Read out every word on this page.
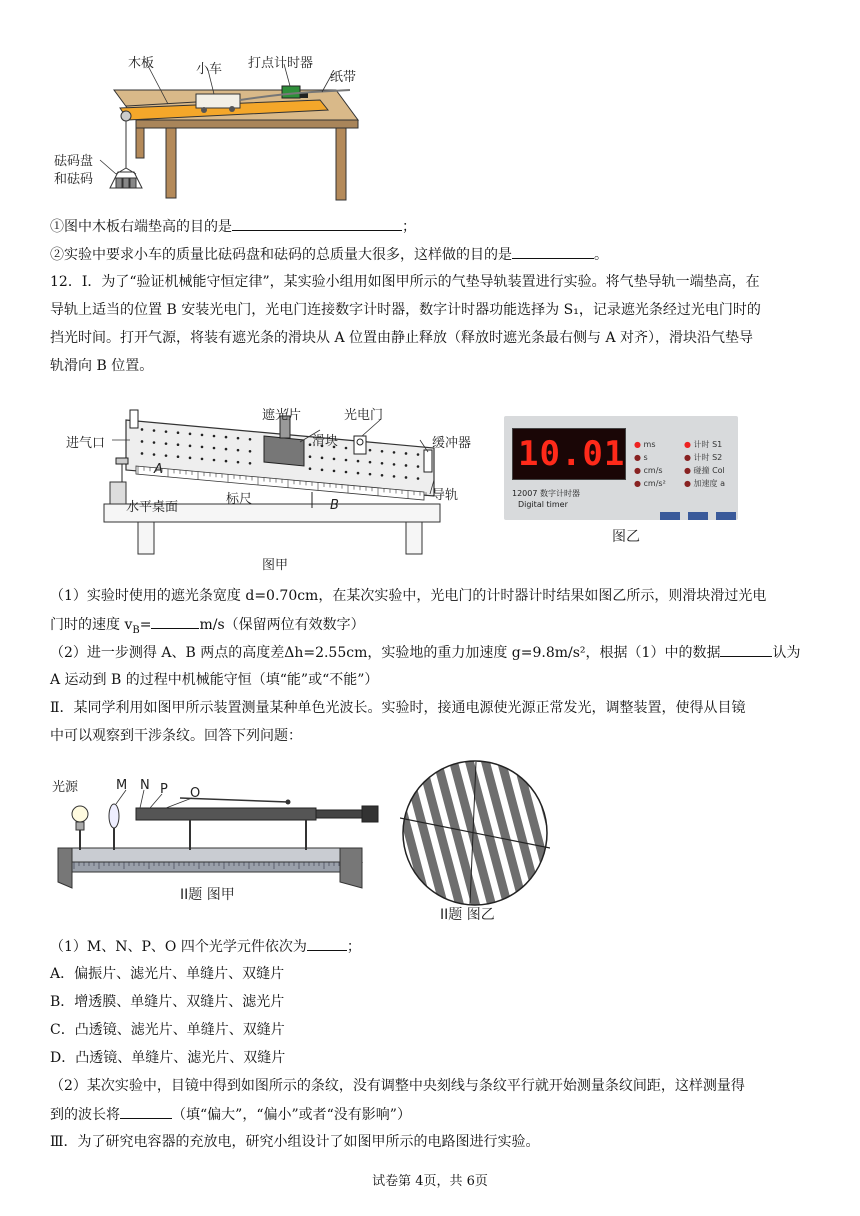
木板	小车 打点计时器
纸带
砝码盘
和砝码
①图中木板右端垫高的目的是	；
②实验中要求小车的质量比砝码盘和砝码的总质量大很多，这样做的目的是	。
12．I．为了“验证机械能守恒定律”，某实验小组用如图甲所示的气垫导轨装置进行实验。将气垫导轨一端垫高，在
导轨上适当的位置 B 安装光电门，光电门连接数字计时器，数字计时器功能选择为 S₁，记录遮光条经过光电门时的
挡光时间。打开气源，将装有遮光条的滑块从 A 位置由静止释放（释放时遮光条最右侧与 A 对齐），滑块沿气垫导
轨滑向 B 位置。
进气口
遮光片	光电门
滑块	缓冲器
导轨
水平桌面
标尺
A
B
图甲
10.01 ● ms
● s
● cm/s
● cm/s²
● 计时 S1
● 计时 S2
● 碰撞 Col
● 加速度 a
12007 数字计时器
Digital timer
图乙
（1）实验时使用的遮光条宽度 d=0.70cm，在某次实验中，光电门的计时器计时结果如图乙所示，则滑块滑过光电
门时的速度 $v_B=$	m/s（保留两位有效数字）
（2）进一步测得 A、B 两点的高度差Δh=2.55cm，实验地的重力加速度 g=9.8m/s²，根据（1）中的数据	认为
A 运动到 B 的过程中机械能守恒（填“能”或“不能”）
Ⅱ．某同学利用如图甲所示装置测量某种单色光波长。实验时，接通电源使光源正常发光，调整装置，使得从目镜
中可以观察到干涉条纹。回答下列问题：
光源	M N P O
II题 图甲
II题 图乙
（1）M、N、P、O 四个光学元件依次为	；
A．偏振片、滤光片、单缝片、双缝片
B．增透膜、单缝片、双缝片、滤光片
C．凸透镜、滤光片、单缝片、双缝片
D．凸透镜、单缝片、滤光片、双缝片
（2）某次实验中，目镜中得到如图所示的条纹，没有调整中央刻线与条纹平行就开始测量条纹间距，这样测量得
到的波长将	（填“偏大”，“偏小”或者“没有影响”）
Ⅲ．为了研究电容器的充放电，研究小组设计了如图甲所示的电路图进行实验。
试卷第 4页，共 6页
